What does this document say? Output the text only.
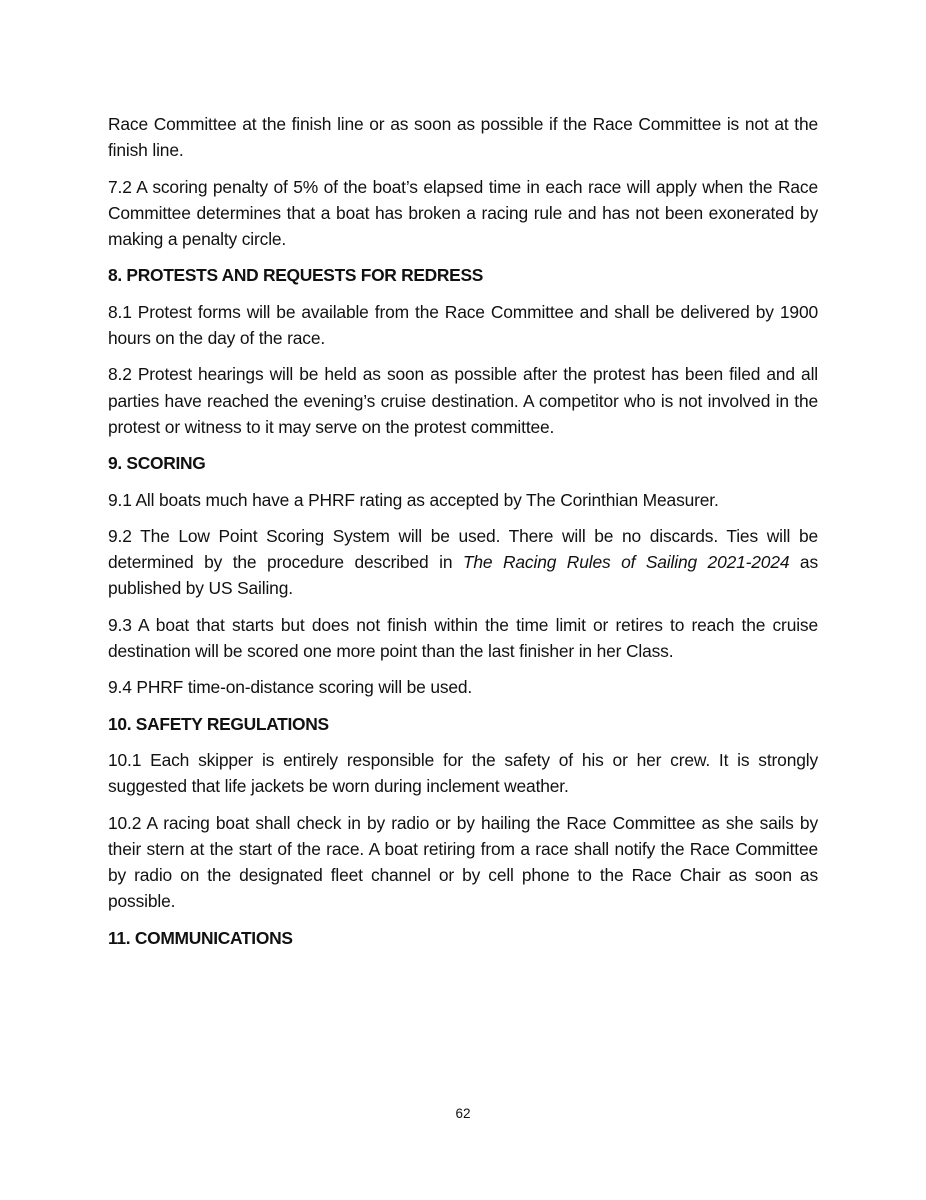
Race Committee at the finish line or as soon as possible if the Race Committee is not at the finish line.

7.2 A scoring penalty of 5% of the boat’s elapsed time in each race will apply when the Race Committee determines that a boat has broken a racing rule and has not been exonerated by making a penalty circle.

8. PROTESTS AND REQUESTS FOR REDRESS

8.1 Protest forms will be available from the Race Committee and shall be delivered by 1900 hours on the day of the race.

8.2 Protest hearings will be held as soon as possible after the protest has been filed and all parties have reached the evening’s cruise destination. A competitor who is not involved in the protest or witness to it may serve on the protest committee.

9. SCORING

9.1 All boats much have a PHRF rating as accepted by The Corinthian Measurer.

9.2 The Low Point Scoring System will be used. There will be no discards. Ties will be determined by the procedure described in The Racing Rules of Sailing 2021-2024 as published by US Sailing.

9.3 A boat that starts but does not finish within the time limit or retires to reach the cruise destination will be scored one more point than the last finisher in her Class.

9.4 PHRF time-on-distance scoring will be used.

10. SAFETY REGULATIONS

10.1 Each skipper is entirely responsible for the safety of his or her crew. It is strongly suggested that life jackets be worn during inclement weather.

10.2 A racing boat shall check in by radio or by hailing the Race Committee as she sails by their stern at the start of the race. A boat retiring from a race shall notify the Race Committee by radio on the designated fleet channel or by cell phone to the Race Chair as soon as possible.

11. COMMUNICATIONS

62
